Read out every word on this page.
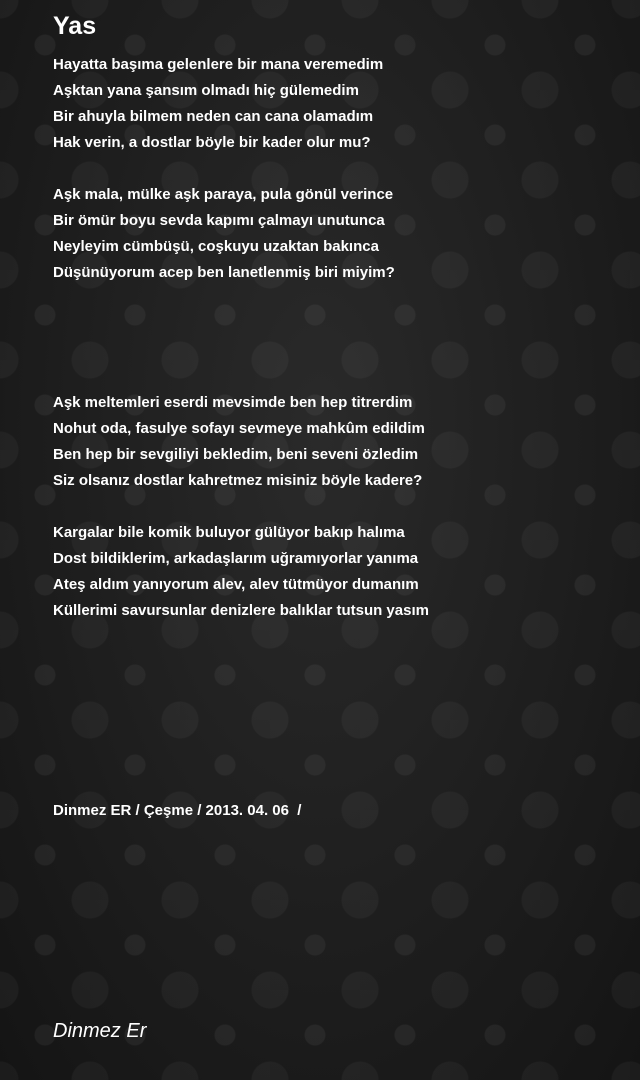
Yas
Hayatta başıma gelenlere bir mana veremedim
Aşktan yana şansım olmadı hiç gülemedim
Bir ahuyla bilmem neden can cana olamadım
Hak verin, a dostlar böyle bir kader olur mu?
Aşk mala, mülke aşk paraya, pula gönül verince
Bir ömür boyu sevda kapımı çalmayı unutunca
Neyleyim cümbüşü, coşkuyu uzaktan bakınca
Düşünüyorum acep ben lanetlenmiş biri miyim?
Aşk meltemleri eserdi mevsimde ben hep titrerdim
Nohut oda, fasulye sofayı sevmeye mahkûm edildim
Ben hep bir sevgiliyi bekledim, beni seveni özledim
Siz olsanız dostlar kahretmez misiniz böyle kadere?
Kargalar bile komik buluyor gülüyor bakıp halıma
Dost bildiklerim, arkadaşlarım uğramıyorlar yanıma
Ateş aldım yanıyorum alev, alev tütmüyor dumanım
Küllerimi savursunlar denizlere balıklar tutsun yasım
Dinmez ER / Çeşme / 2013. 04. 06  /
Dinmez Er
